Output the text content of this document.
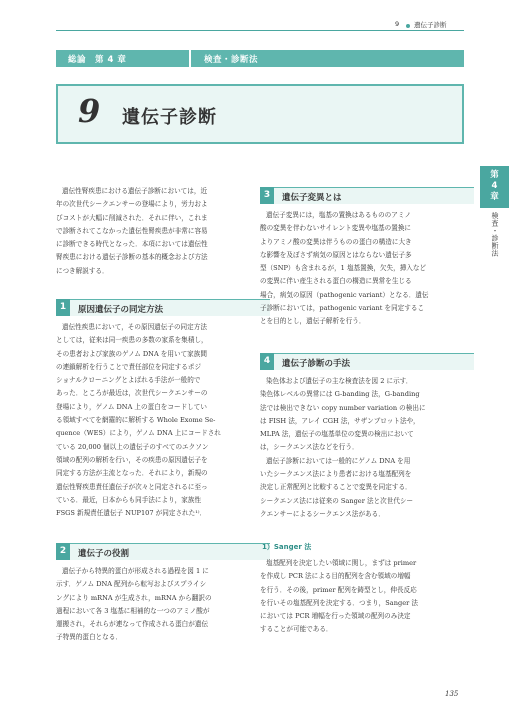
9 遺伝子診断
総論　第 4 章	検査・診断法
9 遺伝子診断
第
4
章
検査・診断法
遺伝性腎疾患における遺伝子診断においては，近
年の次世代シークエンサーの登場により，労力およ
びコストが大幅に削減された．それに伴い，これま
で診断されてこなかった遺伝性腎疾患が非常に容易
に診断できる時代となった．本項においては遺伝性
腎疾患における遺伝子診断の基本的概念および方法
につき解説する．
1	原因遺伝子の同定方法
遺伝性疾患において，その原因遺伝子の同定方法
としては，従来は同一疾患の多数の家系を集積し，
その患者および家族のゲノム DNA を用いて家族間
の連鎖解析を行うことで責任部位を同定するポジ
ショナルクローニングとよばれる手法が一般的で
あった．ところが最近は，次世代シークエンサーの
登場により，ゲノム DNA 上の蛋白をコードしてい
る領域すべてを網羅的に解析する Whole Exome Se-
quence（WES）により，ゲノム DNA 上にコードされ
ている 20,000 個以上の遺伝子のすべてのエクソン
領域の配列の解析を行い，その疾患の原因遺伝子を
同定する方法が主流となった．それにより，新規の
遺伝性腎疾患責任遺伝子が次々と同定されるに至っ
ている．最近，日本からも同手法により，家族性
FSGS 新規責任遺伝子 NUP107 が同定された¹⁾．
2	遺伝子の役割
遺伝子から特異的蛋白が形成される過程を図 1 に
示す．ゲノム DNA 配列から転写およびスプライシ
ングにより mRNA が生成され，mRNA から翻訳の
過程において各 3 塩基に相補的な一つのアミノ酸が
運搬され，それらが連なって作成される蛋白が遺伝
子特異的蛋白となる．
3	遺伝子変異とは
遺伝子変異には，塩基の置換はあるもののアミノ
酸の変異を伴わないサイレント変異や塩基の置換に
よりアミノ酸の変異は伴うものの蛋白の構造に大き
な影響を及ぼさず病気の原因とはならない遺伝子多
型（SNP）も含まれるが，1 塩基置換，欠失，挿入など
の変異に伴い産生される蛋白の構造に異常を生じる
場合，病気の原因（pathogenic variant）となる．遺伝
子診断においては，pathogenic variant を同定するこ
とを目的とし，遺伝子解析を行う．
4	遺伝子診断の手法
染色体および遺伝子の主な検査法を図 2 に示す．
染色体レベルの異常には G-banding 法，G-banding
法では検出できない copy number variation の検出に
は FISH 法，アレイ CGH 法，サザンブロット法や，
MLPA 法，遺伝子の塩基単位の変異の検出において
は，シークエンス法などを行う．
遺伝子診断においては一般的にゲノム DNA を用
いたシークエンス法により患者における塩基配列を
決定し正常配列と比較することで変異を同定する．
シークエンス法には従来の Sanger 法と次世代シー
クエンサーによるシークエンス法がある．
1）Sanger 法
塩基配列を決定したい領域に関し，まずは primer
を作成し PCR 法による目的配列を含む領域の増幅
を行う．その後，primer 配列を鋳型とし，伸長反応
を行いその塩基配列を決定する．つまり，Sanger 法
においては PCR 増幅を行った領域の配列のみ決定
することが可能である．
135
